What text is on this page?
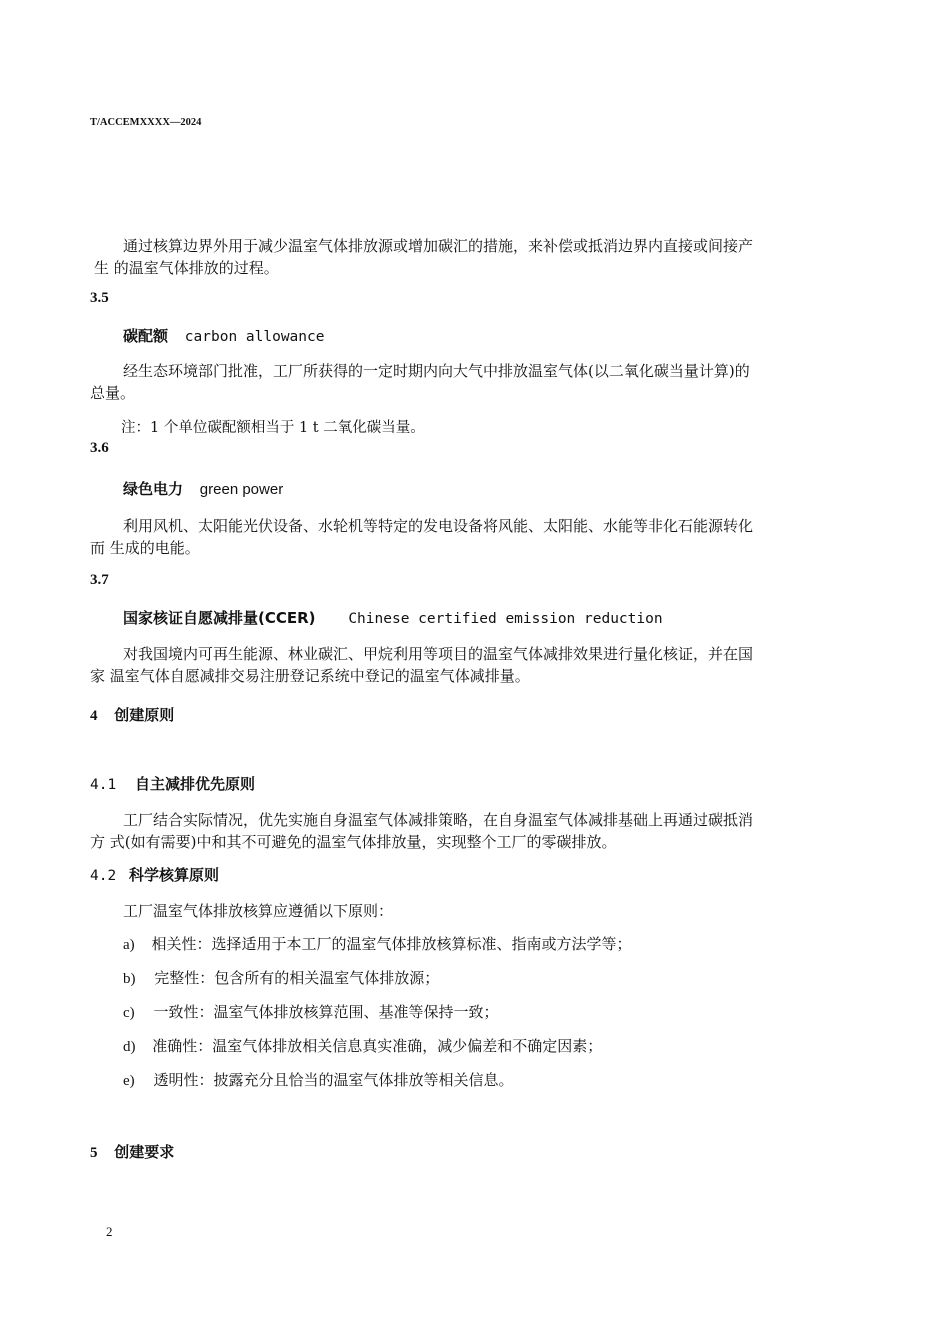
T/ACCEMXXXX—2024
通过核算边界外用于减少温室气体排放源或增加碳汇的措施，来补偿或抵消边界内直接或间接产
生 的温室气体排放的过程。
3.5
碳配额 carbon allowance
经生态环境部门批准，工厂所获得的一定时期内向大气中排放温室气体(以二氧化碳当量计算)的
总量。
注：1 个单位碳配额相当于 1 t 二氧化碳当量。
3.6
绿色电力 green power
利用风机、太阳能光伏设备、水轮机等特定的发电设备将风能、太阳能、水能等非化石能源转化
而 生成的电能。
3.7
国家核证自愿减排量(CCER) Chinese certified emission reduction
对我国境内可再生能源、林业碳汇、甲烷利用等项目的温室气体减排效果进行量化核证，并在国
家 温室气体自愿减排交易注册登记系统中登记的温室气体减排量。
4 创建原则
4.1 自主减排优先原则
工厂结合实际情况，优先实施自身温室气体减排策略，在自身温室气体减排基础上再通过碳抵消
方 式(如有需要)中和其不可避免的温室气体排放量，实现整个工厂的零碳排放。
4.2 科学核算原则
工厂温室气体排放核算应遵循以下原则：
a) 相关性：选择适用于本工厂的温室气体排放核算标准、指南或方法学等；
b) 完整性：包含所有的相关温室气体排放源；
c) 一致性：温室气体排放核算范围、基准等保持一致；
d) 准确性：温室气体排放相关信息真实准确，减少偏差和不确定因素；
e) 透明性：披露充分且恰当的温室气体排放等相关信息。
5 创建要求
2
